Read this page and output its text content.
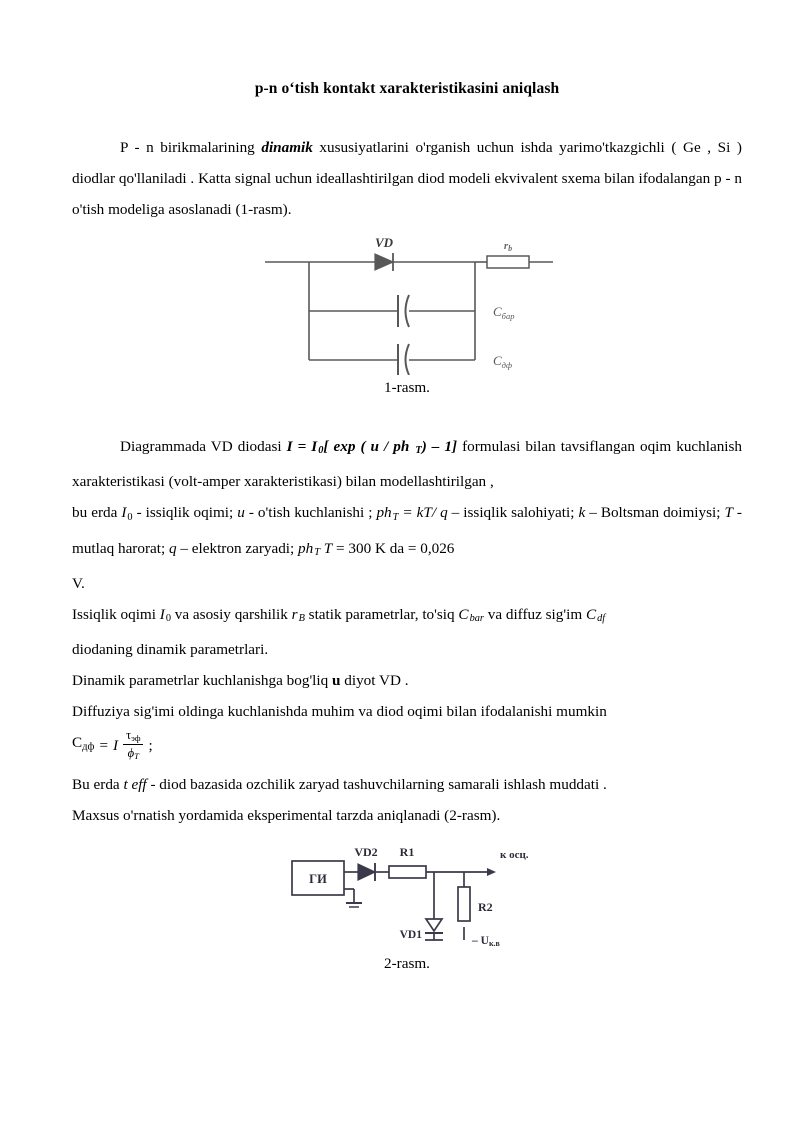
p-n o‘tish kontakt xarakteristikasini aniqlash

P - n birikmalarining dinamik xususiyatlarini o'rganish uchun ishda yarimo'tkazgichli ( Ge , Si ) diodlar qo'llaniladi . Katta signal uchun ideallashtirilgan diod modeli ekvivalent sxema bilan ifodalangan p - n o'tish modeliga asoslanadi (1-rasm).

VD	rb
$C_{бар}$
$C_{дф}$
1-rasm.

Diagrammada VD diodasi $I = I_0$[ exp ( u / ph $_T$) – 1] formulasi bilan tavsiflangan oqim kuchlanish xarakteristikasi (volt-amper xarakteristikasi) bilan modellashtirilgan ,

bu erda $I_0$ - issiqlik oqimi; u - o'tish kuchlanishi ; $ph_T = kT/$ q – issiqlik salohiyati; k – Boltsman doimiysi; T - mutlaq harorat; q – elektron zaryadi; $ph_T$ T = 300 K da = 0,026

V.

Issiqlik oqimi $I_0$ va asosiy qarshilik $r_B$ statik parametrlar, to'siq $C_{bar}$ va diffuz sig'im $C_{df}$

diodaning dinamik parametrlari.

Dinamik parametrlar kuchlanishga bog'liq u diyot VD .

Diffuziya sig'imi oldinga kuchlanishda muhim va diod oqimi bilan ifodalanishi mumkin

Cдф = I $\frac{\text{τэф}}{\phi T}$ ;

Bu erda t eff - diod bazasida ozchilik zaryad tashuvchilarning samarali ishlash muddati .

Maxsus o'rnatish yordamida eksperimental tarzda aniqlanadi (2-rasm).

ГИ
VD2 R1
R2
VD1
к осц.
– Uк.в
2-rasm.
